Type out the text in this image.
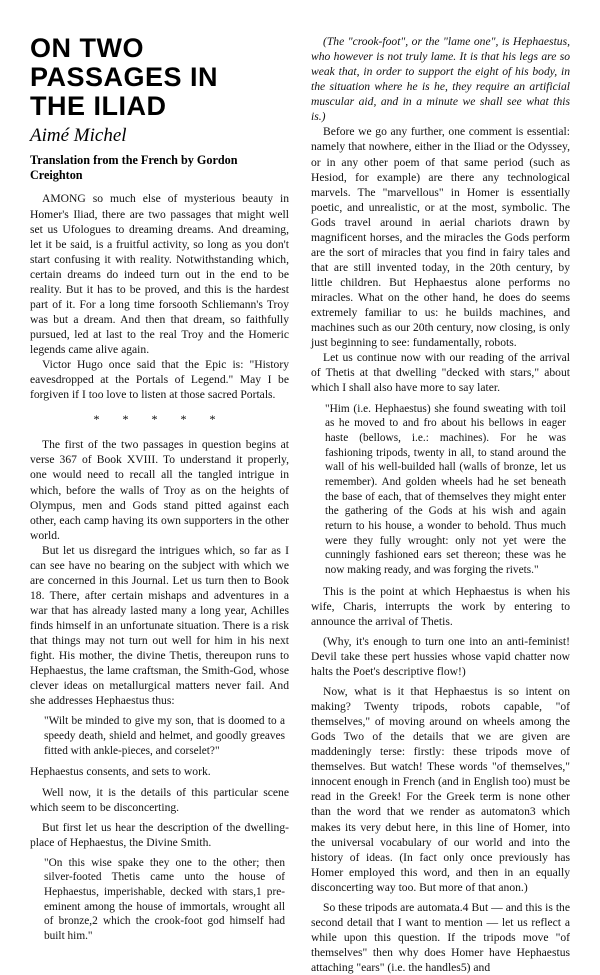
ON TWO
PASSAGES IN
THE ILIAD
Aimé Michel
Translation from the French by Gordon Creighton

AMONG so much else of mysterious beauty in Homer's Iliad, there are two passages that might well set us Ufologues to dreaming dreams. And dreaming, let it be said, is a fruitful activity, so long as you don't start confusing it with reality. Notwithstanding which, certain dreams do indeed turn out in the end to be reality. But it has to be proved, and this is the hardest part of it. For a long time forsooth Schliemann's Troy was but a dream. And then that dream, so faithfully pursued, led at last to the real Troy and the Homeric legends came alive again.

Victor Hugo once said that the Epic is: "History eavesdropped at the Portals of Legend." May I be forgiven if I too love to listen at those sacred Portals.

* * * * *

The first of the two passages in question begins at verse 367 of Book XVIII. To understand it properly, one would need to recall all the tangled intrigue in which, before the walls of Troy as on the heights of Olympus, men and Gods stand pitted against each other, each camp having its own supporters in the other world.

But let us disregard the intrigues which, so far as I can see have no bearing on the subject with which we are concerned in this Journal. Let us turn then to Book 18. There, after certain mishaps and adventures in a war that has already lasted many a long year, Achilles finds himself in an unfortunate situation. There is a risk that things may not turn out well for him in his next fight. His mother, the divine Thetis, thereupon runs to Hephaestus, the lame craftsman, the Smith-God, whose clever ideas on metallurgical matters never fail. And she addresses Hephaestus thus:

"Wilt be minded to give my son, that is doomed to a speedy death, shield and helmet, and goodly greaves fitted with ankle-pieces, and corselet?"

Hephaestus consents, and sets to work.

Well now, it is the details of this particular scene which seem to be disconcerting.

But first let us hear the description of the dwelling-place of Hephaestus, the Divine Smith.

"On this wise spake they one to the other; then silver-footed Thetis came unto the house of Hephaestus, imperishable, decked with stars,1 pre-eminent among the house of immortals, wrought all of bronze,2 which the crook-foot god himself had built him."

(The "crook-foot", or the "lame one", is Hephaestus, who however is not truly lame. It is that his legs are so weak that, in order to support the eight of his body, in the situation where he is he, they require an artificial muscular aid, and in a minute we shall see what this is.)

Before we go any further, one comment is essential: namely that nowhere, either in the Iliad or the Odyssey, or in any other poem of that same period (such as Hesiod, for example) are there any technological marvels. The "marvellous" in Homer is essentially poetic, and unrealistic, or at the most, symbolic. The Gods travel around in aerial chariots drawn by magnificent horses, and the miracles the Gods perform are the sort of miracles that you find in fairy tales and that are still invented today, in the 20th century, by little children. But Hephaestus alone performs no miracles. What on the other hand, he does do seems extremely familiar to us: he builds machines, and machines such as our 20th century, now closing, is only just beginning to see: fundamentally, robots.

Let us continue now with our reading of the arrival of Thetis at that dwelling "decked with stars," about which I shall also have more to say later.

"Him (i.e. Hephaestus) she found sweating with toil as he moved to and fro about his bellows in eager haste (bellows, i.e.: machines). For he was fashioning tripods, twenty in all, to stand around the wall of his well-builded hall (walls of bronze, let us remember). And golden wheels had he set beneath the base of each, that of themselves they might enter the gathering of the Gods at his wish and again return to his house, a wonder to behold. Thus much were they fully wrought: only not yet were the cunningly fashioned ears set thereon; these was he now making ready, and was forging the rivets."

This is the point at which Hephaestus is when his wife, Charis, interrupts the work by entering to announce the arrival of Thetis.

(Why, it's enough to turn one into an anti-feminist! Devil take these pert hussies whose vapid chatter now halts the Poet's descriptive flow!)

Now, what is it that Hephaestus is so intent on making? Twenty tripods, robots capable, "of themselves," of moving around on wheels among the Gods Two of the details that we are given are maddeningly terse: firstly: these tripods move of themselves. But watch! These words "of themselves," innocent enough in French (and in English too) must be read in the Greek! For the Greek term is none other than the word that we render as automaton3 which makes its very debut here, in this line of Homer, into the universal vocabulary of our world and into the history of ideas. (In fact only once previously has Homer employed this word, and then in an equally disconcerting way too. But more of that anon.)

So these tripods are automata.4 But — and this is the second detail that I want to mention — let us reflect a while upon this question. If the tripods move "of themselves" then why does Homer have Hephaestus attaching "ears" (i.e. the handles5) and
